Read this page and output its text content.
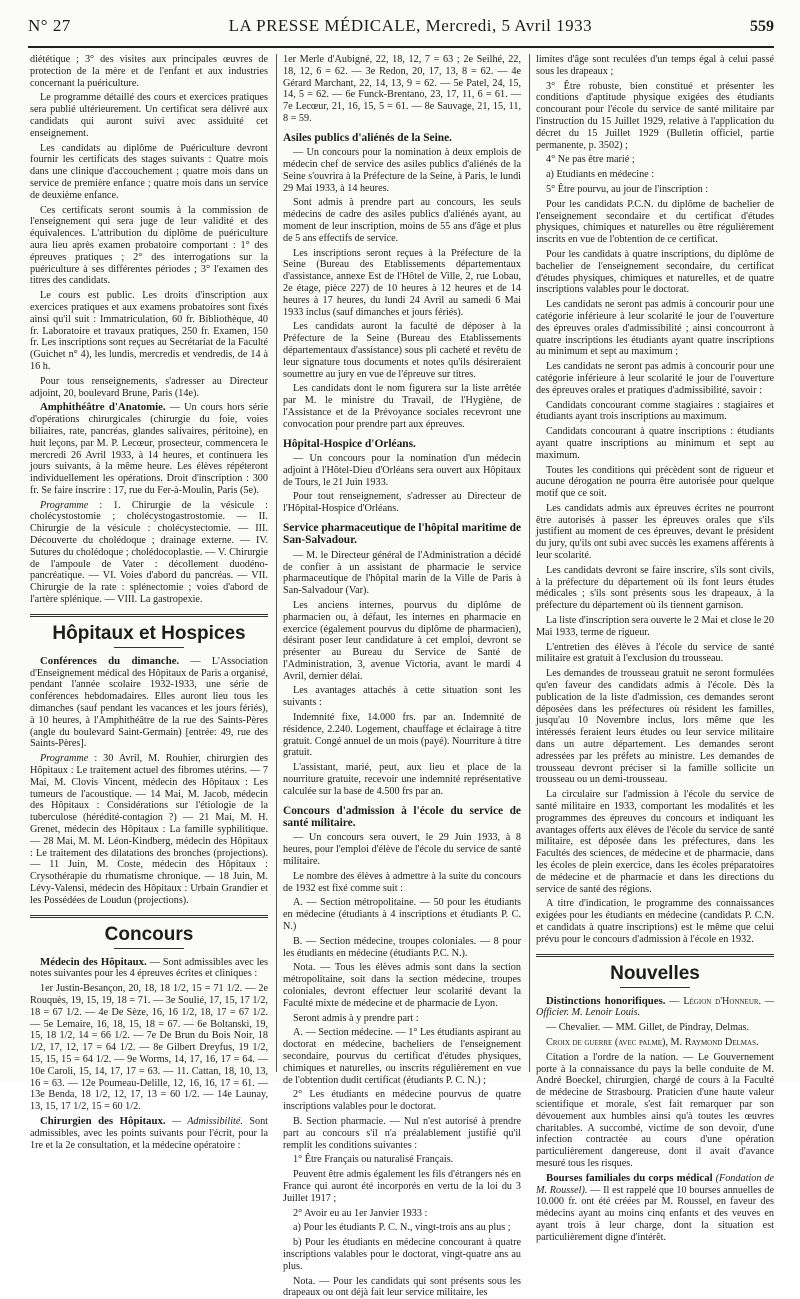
N° 27	LA PRESSE MÉDICALE, Mercredi, 5 Avril 1933	559

diététique ; 3° des visites aux principales œuvres de protection de la mère et de l'enfant et aux industries concernant la puériculture.

Le programme détaillé des cours et exercices pratiques sera publié ultérieurement. Un certificat sera délivré aux candidats qui auront suivi avec assiduité cet enseignement.

Les candidats au diplôme de Puériculture devront fournir les certificats des stages suivants : Quatre mois dans une clinique d'accouchement ; quatre mois dans un service de première enfance ; quatre mois dans un service de deuxième enfance.

Ces certificats seront soumis à la commission de l'enseignement qui sera juge de leur validité et des équivalences. L'attribution du diplôme de puériculture aura lieu après examen probatoire comportant : 1° des épreuves pratiques ; 2° des interrogations sur la puériculture à ses différentes périodes ; 3° l'examen des titres des candidats.

Le cours est public. Les droits d'inscription aux exercices pratiques et aux examens probatoires sont fixés ainsi qu'il suit : Immatriculation, 60 fr. Bibliothèque, 40 fr. Laboratoire et travaux pratiques, 250 fr. Examen, 150 fr. Les inscriptions sont reçues au Secrétariat de la Faculté (Guichet n° 4), les lundis, mercredis et vendredis, de 14 à 16 h.

Pour tous renseignements, s'adresser au Directeur adjoint, 20, boulevard Brune, Paris (14e).

Amphithéâtre d'Anatomie. — Un cours hors série d'opérations chirurgicales (chirurgie du foie, voies biliaires, rate, pancréas, glandes salivaires, péritoine), en huit leçons, par M. P. Lecœur, prosecteur, commencera le mercredi 26 Avril 1933, à 14 heures, et continuera les jours suivants, à la même heure. Les élèves répéteront individuellement les opérations. Droit d'inscription : 300 fr. Se faire inscrire : 17, rue du Fer-à-Moulin, Paris (5e).

Programme : 1. Chirurgie de la vésicule : cholécystostomie ; cholécystogastrostomie. — II. Chirurgie de la vésicule : cholécystectomie. — III. Découverte du cholédoque ; drainage externe. — IV. Sutures du cholédoque ; cholédocoplastie. — V. Chirurgie de l'ampoule de Vater : décollement duodéno-pancréatique. — VI. Voies d'abord du pancréas. — VII. Chirurgie de la rate : splénectomie ; voies d'abord de l'artère splénique. — VIII. La gastropexie.

Hôpitaux et Hospices

Conférences du dimanche. — L'Association d'Enseignement médical des Hôpitaux de Paris a organisé, pendant l'année scolaire 1932-1933, une série de conférences hebdomadaires. Elles auront lieu tous les dimanches (sauf pendant les vacances et les jours fériés), à 10 heures, à l'Amphithéâtre de la rue des Saints-Pères (angle du boulevard Saint-Germain) [entrée: 49, rue des Saints-Pères].

Programme : 30 Avril, M. Rouhier, chirurgien des Hôpitaux : Le traitement actuel des fibromes utérins. — 7 Mai, M. Clovis Vincent, médecin des Hôpitaux : Les tumeurs de l'acoustique. — 14 Mai, M. Jacob, médecin des Hôpitaux : Considérations sur l'étiologie de la tuberculose (hérédité-contagion ?) — 21 Mai, M. H. Grenet, médecin des Hôpitaux : La famille syphilitique. — 28 Mai, M. M. Léon-Kindberg, médecin des Hôpitaux : Le traitement des dilatations des bronches (projections). — 11 Juin, M. Coste, médecin des Hôpitaux : Crysothérapie du rhumatisme chronique. — 18 Juin, M. Lévy-Valensi, médecin des Hôpitaux : Urbain Grandier et les Possédées de Loudun (projections).

Concours

Médecin des Hôpitaux. — Sont admissibles avec les notes suivantes pour les 4 épreuves écrites et cliniques :

1er Justin-Besançon, 20, 18, 18 1/2, 15 = 71 1/2. — 2e Rouquès, 19, 15, 19, 18 = 71. — 3e Soulié, 17, 15, 17 1/2, 18 = 67 1/2. — 4e De Sèze, 16, 16 1/2, 18, 17 = 67 1/2. — 5e Lemaire, 16, 18, 15, 18 = 67. — 6e Boltanski, 19, 15, 18 1/2, 14 = 66 1/2. — 7e De Brun du Bois Noir, 18 1/2, 17, 12, 17 = 64 1/2. — 8e Gilbert Dreyfus, 19 1/2, 15, 15, 15 = 64 1/2. — 9e Worms, 14, 17, 16, 17 = 64. — 10e Caroli, 15, 14, 17, 17 = 63. — 11. Cattan, 18, 10, 13, 16 = 63. — 12e Poumeau-Delille, 12, 16, 16, 17 = 61. — 13e Benda, 18 1/2, 12, 17, 13 = 60 1/2. — 14e Launay, 13, 15, 17 1/2, 15 = 60 1/2.

Chirurgien des Hôpitaux. — Admissibilité. Sont admissibles, avec les points suivants pour l'écrit, pour la 1re et la 2e consultation, et la médecine opératoire :

1er Merle d'Aubigné, 22, 18, 12, 7 = 63 ; 2e Seilhé, 22, 18, 12, 6 = 62. — 3e Redon, 20, 17, 13, 8 = 62. — 4e Gérard Marchant, 22, 14, 13, 9 = 62. — 5e Patel, 24, 15, 14, 5 = 62. — 6e Funck-Brentano, 23, 17, 11, 6 = 61. — 7e Lecœur, 21, 16, 15, 5 = 61. — 8e Sauvage, 21, 15, 11, 8 = 59.

Asiles publics d'aliénés de la Seine.

— Un concours pour la nomination à deux emplois de médecin chef de service des asiles publics d'aliénés de la Seine s'ouvrira à la Préfecture de la Seine, à Paris, le lundi 29 Mai 1933, à 14 heures.

Sont admis à prendre part au concours, les seuls médecins de cadre des asiles publics d'aliénés ayant, au moment de leur inscription, moins de 55 ans d'âge et plus de 5 ans effectifs de service.

Les inscriptions seront reçues à la Préfecture de la Seine (Bureau des Etablissements départementaux d'assistance, annexe Est de l'Hôtel de Ville, 2, rue Lobau, 2e étage, pièce 227) de 10 heures à 12 heures et de 14 heures à 17 heures, du lundi 24 Avril au samedi 6 Mai 1933 inclus (sauf dimanches et jours fériés).

Les candidats auront la faculté de déposer à la Préfecture de la Seine (Bureau des Etablissements départementaux d'assistance) sous pli cacheté et revêtu de leur signature tous documents et notes qu'ils désireraient soumettre au jury en vue de l'épreuve sur titres.

Les candidats dont le nom figurera sur la liste arrêtée par M. le ministre du Travail, de l'Hygiène, de l'Assistance et de la Prévoyance sociales recevront une convocation pour prendre part aux épreuves.

Hôpital-Hospice d'Orléans.

— Un concours pour la nomination d'un médecin adjoint à l'Hôtel-Dieu d'Orléans sera ouvert aux Hôpitaux de Tours, le 21 Juin 1933.

Pour tout renseignement, s'adresser au Directeur de l'Hôpital-Hospice d'Orléans.

Service pharmaceutique de l'hôpital maritime de San-Salvadour.

— M. le Directeur général de l'Administration a décidé de confier à un assistant de pharmacie le service pharmaceutique de l'hôpital marin de la Ville de Paris à San-Salvadour (Var).

Les anciens internes, pourvus du diplôme de pharmacien ou, à défaut, les internes en pharmacie en exercice (également pourvus du diplôme de pharmacien), désirant poser leur candidature à cet emploi, devront se présenter au Bureau du Service de Santé de l'Administration, 3, avenue Victoria, avant le mardi 4 Avril, dernier délai.

Les avantages attachés à cette situation sont les suivants :

Indemnité fixe, 14.000 frs. par an. Indemnité de résidence, 2.240. Logement, chauffage et éclairage à titre gratuit. Congé annuel de un mois (payé). Nourriture à titre gratuit.

L'assistant, marié, peut, aux lieu et place de la nourriture gratuite, recevoir une indemnité représentative calculée sur la base de 4.500 frs par an.

Concours d'admission à l'école du service de santé militaire.

— Un concours sera ouvert, le 29 Juin 1933, à 8 heures, pour l'emploi d'élève de l'école du service de santé militaire.

Le nombre des élèves à admettre à la suite du concours de 1932 est fixé comme suit :

A. — Section métropolitaine. — 50 pour les étudiants en médecine (étudiants à 4 inscriptions et étudiants P. C. N.)

B. — Section médecine, troupes coloniales. — 8 pour les étudiants en médecine (étudiants P.C. N.).

Nota. — Tous les élèves admis sont dans la section métropolitaine, soit dans la section médecine, troupes coloniales, devront effectuer leur scolarité devant la Faculté mixte de médecine et de pharmacie de Lyon.

Seront admis à y prendre part :

A. — Section médecine. — 1° Les étudiants aspirant au doctorat en médecine, bacheliers de l'enseignement secondaire, pourvus du certificat d'études physiques, chimiques et naturelles, ou inscrits régulièrement en vue de l'obtention dudit certificat (étudiants P. C. N.) ;

2° Les étudiants en médecine pourvus de quatre inscriptions valables pour le doctorat.

B. Section pharmacie. — Nul n'est autorisé à prendre part au concours s'il n'a préalablement justifié qu'il remplit les conditions suivantes :

1° Être Français ou naturalisé Français.

Peuvent être admis également les fils d'étrangers nés en France qui auront été incorporés en vertu de la loi du 3 Juillet 1917 ;

2° Avoir eu au 1er Janvier 1933 :

a) Pour les étudiants P. C. N., vingt-trois ans au plus ;

b) Pour les étudiants en médecine concourant à quatre inscriptions valables pour le doctorat, vingt-quatre ans au plus.

Nota. — Pour les candidats qui sont présents sous les drapeaux ou ont déjà fait leur service militaire, les

limites d'âge sont reculées d'un temps égal à celui passé sous les drapeaux ;

3° Être robuste, bien constitué et présenter les conditions d'aptitude physique exigées des étudiants concourant pour l'école du service de santé militaire par l'instruction du 15 Juillet 1929, relative à l'application du décret du 15 Juillet 1929 (Bulletin officiel, partie permanente, p. 3502) ;

4° Ne pas être marié ;

a) Etudiants en médecine :

5° Être pourvu, au jour de l'inscription :

Pour les candidats P.C.N. du diplôme de bachelier de l'enseignement secondaire et du certificat d'études physiques, chimiques et naturelles ou être régulièrement inscrits en vue de l'obtention de ce certificat.

Pour les candidats à quatre inscriptions, du diplôme de bachelier de l'enseignement secondaire, du certificat d'études physiques, chimiques et naturelles, et de quatre inscriptions valables pour le doctorat.

Les candidats ne seront pas admis à concourir pour une catégorie inférieure à leur scolarité le jour de l'ouverture des épreuves orales d'admissibilité ; ainsi concourront à quatre inscriptions les étudiants ayant quatre inscriptions au minimum et sept au maximum ;

Les candidats ne seront pas admis à concourir pour une catégorie inférieure à leur scolarité le jour de l'ouverture des épreuves orales et pratiques d'admissibilité, savoir :

Candidats concourant comme stagiaires : stagiaires et étudiants ayant trois inscriptions au maximum.

Candidats concourant à quatre inscriptions : étudiants ayant quatre inscriptions au minimum et sept au maximum.

Toutes les conditions qui précèdent sont de rigueur et aucune dérogation ne pourra être autorisée pour quelque motif que ce soit.

Les candidats admis aux épreuves écrites ne pourront être autorisés à passer les épreuves orales que s'ils justifient au moment de ces épreuves, devant le président du jury, qu'ils ont subi avec succès les examens afférents à leur scolarité.

Les candidats devront se faire inscrire, s'ils sont civils, à la préfecture du département où ils font leurs études médicales ; s'ils sont présents sous les drapeaux, à la préfecture du département où ils tiennent garnison.

La liste d'inscription sera ouverte le 2 Mai et close le 20 Mai 1933, terme de rigueur.

L'entretien des élèves à l'école du service de santé militaire est gratuit à l'exclusion du trousseau.

Les demandes de trousseau gratuit ne seront formulées qu'en faveur des candidats admis à l'école. Dès la publication de la liste d'admission, ces demandes seront déposées dans les préfectures où résident les familles, jusqu'au 10 Novembre inclus, lors même que les intéressés feraient leurs études ou leur service militaire dans un autre département. Les demandes seront adressées par les préfets au ministre. Les demandes de trousseau devront préciser si la famille sollicite un trousseau ou un demi-trousseau.

La circulaire sur l'admission à l'école du service de santé militaire en 1933, comportant les modalités et les programmes des épreuves du concours et indiquant les avantages offerts aux élèves de l'école du service de santé militaire, est déposée dans les préfectures, dans les Facultés des sciences, de médecine et de pharmacie, dans les écoles de plein exercice, dans les écoles préparatoires de médecine et de pharmacie et dans les directions du service de santé des régions.

A titre d'indication, le programme des connaissances exigées pour les étudiants en médecine (candidats P. C.N. et candidats à quatre inscriptions) est le même que celui prévu pour le concours d'admission à l'école en 1932.

Nouvelles

Distinctions honorifiques. — Légion d'Honneur. — Officier. M. Lenoir Louis.

— Chevalier. — MM. Gillet, de Pindray, Delmas.

Croix de guerre (avec palme), M. Raymond Delmas.

Citation a l'ordre de la nation. — Le Gouvernement porte à la connaissance du pays la belle conduite de M. André Boeckel, chirurgien, chargé de cours à la Faculté de médecine de Strasbourg. Praticien d'une haute valeur scientifique et morale, s'est fait remarquer par son dévouement aux humbles ainsi qu'à toutes les œuvres charitables. A succombé, victime de son devoir, d'une infection contractée au cours d'une opération particulièrement dangereuse, dont il avait d'avance mesuré tous les risques.

Bourses familiales du corps médical (Fondation de M. Roussel). — Il est rappelé que 10 bourses annuelles de 10.000 fr. ont été créées par M. Roussel, en faveur des médecins ayant au moins cinq enfants et des veuves en ayant trois à leur charge, dont la situation est particulièrement digne d'intérêt.
